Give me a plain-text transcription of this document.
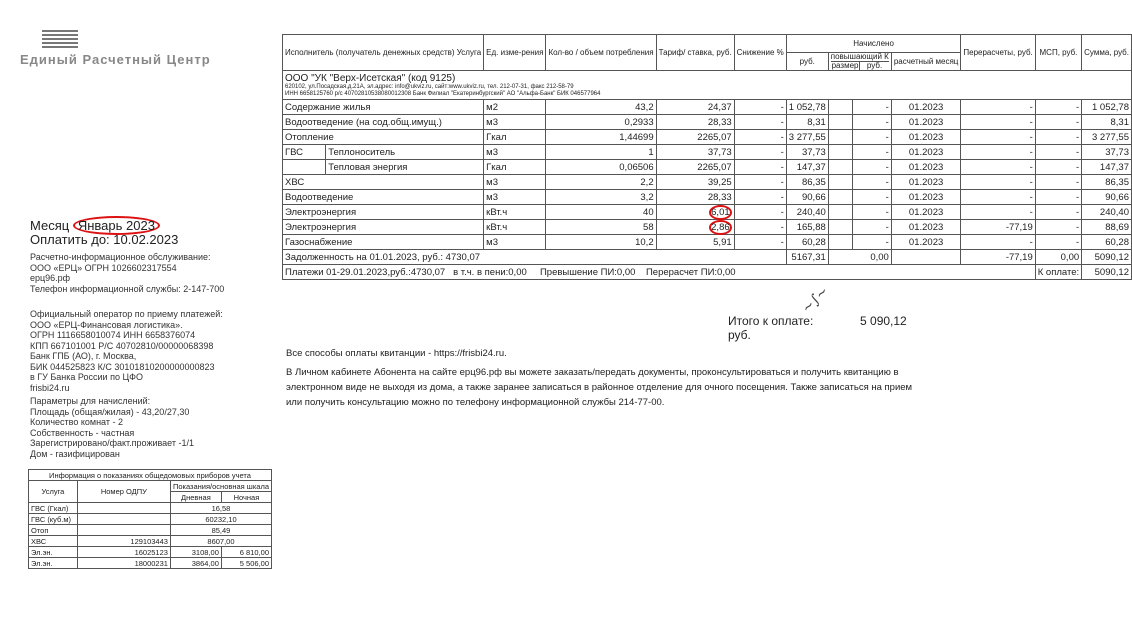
Единый Расчетный Центр
Месяц Январь 2023
Оплатить до: 10.02.2023
Расчетно-информационное обслуживание:
ООО «ЕРЦ» ОГРН 1026602317554
ерц96.рф
Телефон информационной службы: 2-147-700
Официальный оператор по приему платежей:
ООО «ЕРЦ-Финансовая логистика».
ОГРН 1116658010074 ИНН 6658376074
КПП 667101001 Р/С 40702810/00000068398
Банк ГПБ (АО), г. Москва,
БИК 044525823 К/С 30101810200000000823
в ГУ Банка России по ЦФО
frisbi24.ru
Параметры для начислений:
Площадь (общая/жилая) - 43,20/27,30
Количество комнат - 2
Собственность - частная
Зарегистрировано/факт.проживает -1/1
Дом - газифицирован
Исполнитель (получатель денежных средств) Услуга		Ед. изме-рения	Кол-во / объем потребления	Тариф/ ставка, руб.	Снижение %	Начислено				Перерасчеты, руб.	МСП, руб.	Сумма, руб.
						руб.	повышающий К
размер руб.		расчетный месяц			

ООО "УК "Верх-Исетская" (код 9125)
620102, ул.Посадская,д.21А, эл.адрес: info@ukviz.ru, сайт:www.ukviz.ru, тел. 212-07-31, факс 212-58-79
ИНН 6658125760 р/с 40702810538080012308 Банк Филиал "Екатеринбургский" АО "Альфа-Банк" БИК 046577964												

Содержание жилья		м2	43,2	24,37	-	1 052,78		-	01.2023	-	-	1 052,78
Водоотведение (на сод.общ.имущ.)		м3	0,2933	28,33	-	8,31		-	01.2023	-	-	8,31
Отопление		Гкал	1,44699	2265,07	-	3 277,55		-	01.2023	-	-	3 277,55
ГВС	Теплоноситель	м3	1	37,73	-	37,73		-	01.2023	-	-	37,73
	Тепловая энергия	Гкал	0,06506	2265,07	-	147,37		-	01.2023	-	-	147,37
ХВС		м3	2,2	39,25	-	86,35		-	01.2023	-	-	86,35
Водоотведение		м3	3,2	28,33	-	90,66		-	01.2023	-	-	90,66
Электроэнергия		кВт.ч	40	6,01	-	240,40		-	01.2023	-	-	240,40
Электроэнергия		кВт.ч	58	2,86	-	165,88		-	01.2023	-77,19	-	88,69
Газоснабжение		м3	10,2	5,91	-	60,28		-	01.2023	-	-	60,28
Задолженность на 01.01.2023, руб.: 4730,07						5167,31	0,00			-77,19	0,00	5090,12
Платежи 01-29.01.2023,руб.:4730,07 в т.ч. в пени:0,00 Превышение ПИ:0,00 Перерасчет ПИ:0,00											К оплате:	5090,12
Итого к оплате:	5 090,12 руб.
~∫~
Все способы оплаты квитанции - https://frisbi24.ru.
В Личном кабинете Абонента на сайте ерц96.рф вы можете заказать/передать документы, проконсультироваться и получить квитанцию в электронном виде не выходя из дома, а также заранее записаться в районное отделение для очного посещения. Также записаться на прием или получить консультацию можно по телефону информационной службы 214-77-00.
Информация о показаниях общедомовых приборов учета			
Услуга	Номер ОДПУ	Показания/основная шкала	
		Дневная	Ночная
ГВС (Гкал)		16,58	
ГВС (куб.м)		60232,10	
Отоп		85,49	
ХВС	129103443	8607,00	
Эл.эн.	16025123	3108,00	6 810,00
Эл.эн.	18000231	3864,00	5 506,00
